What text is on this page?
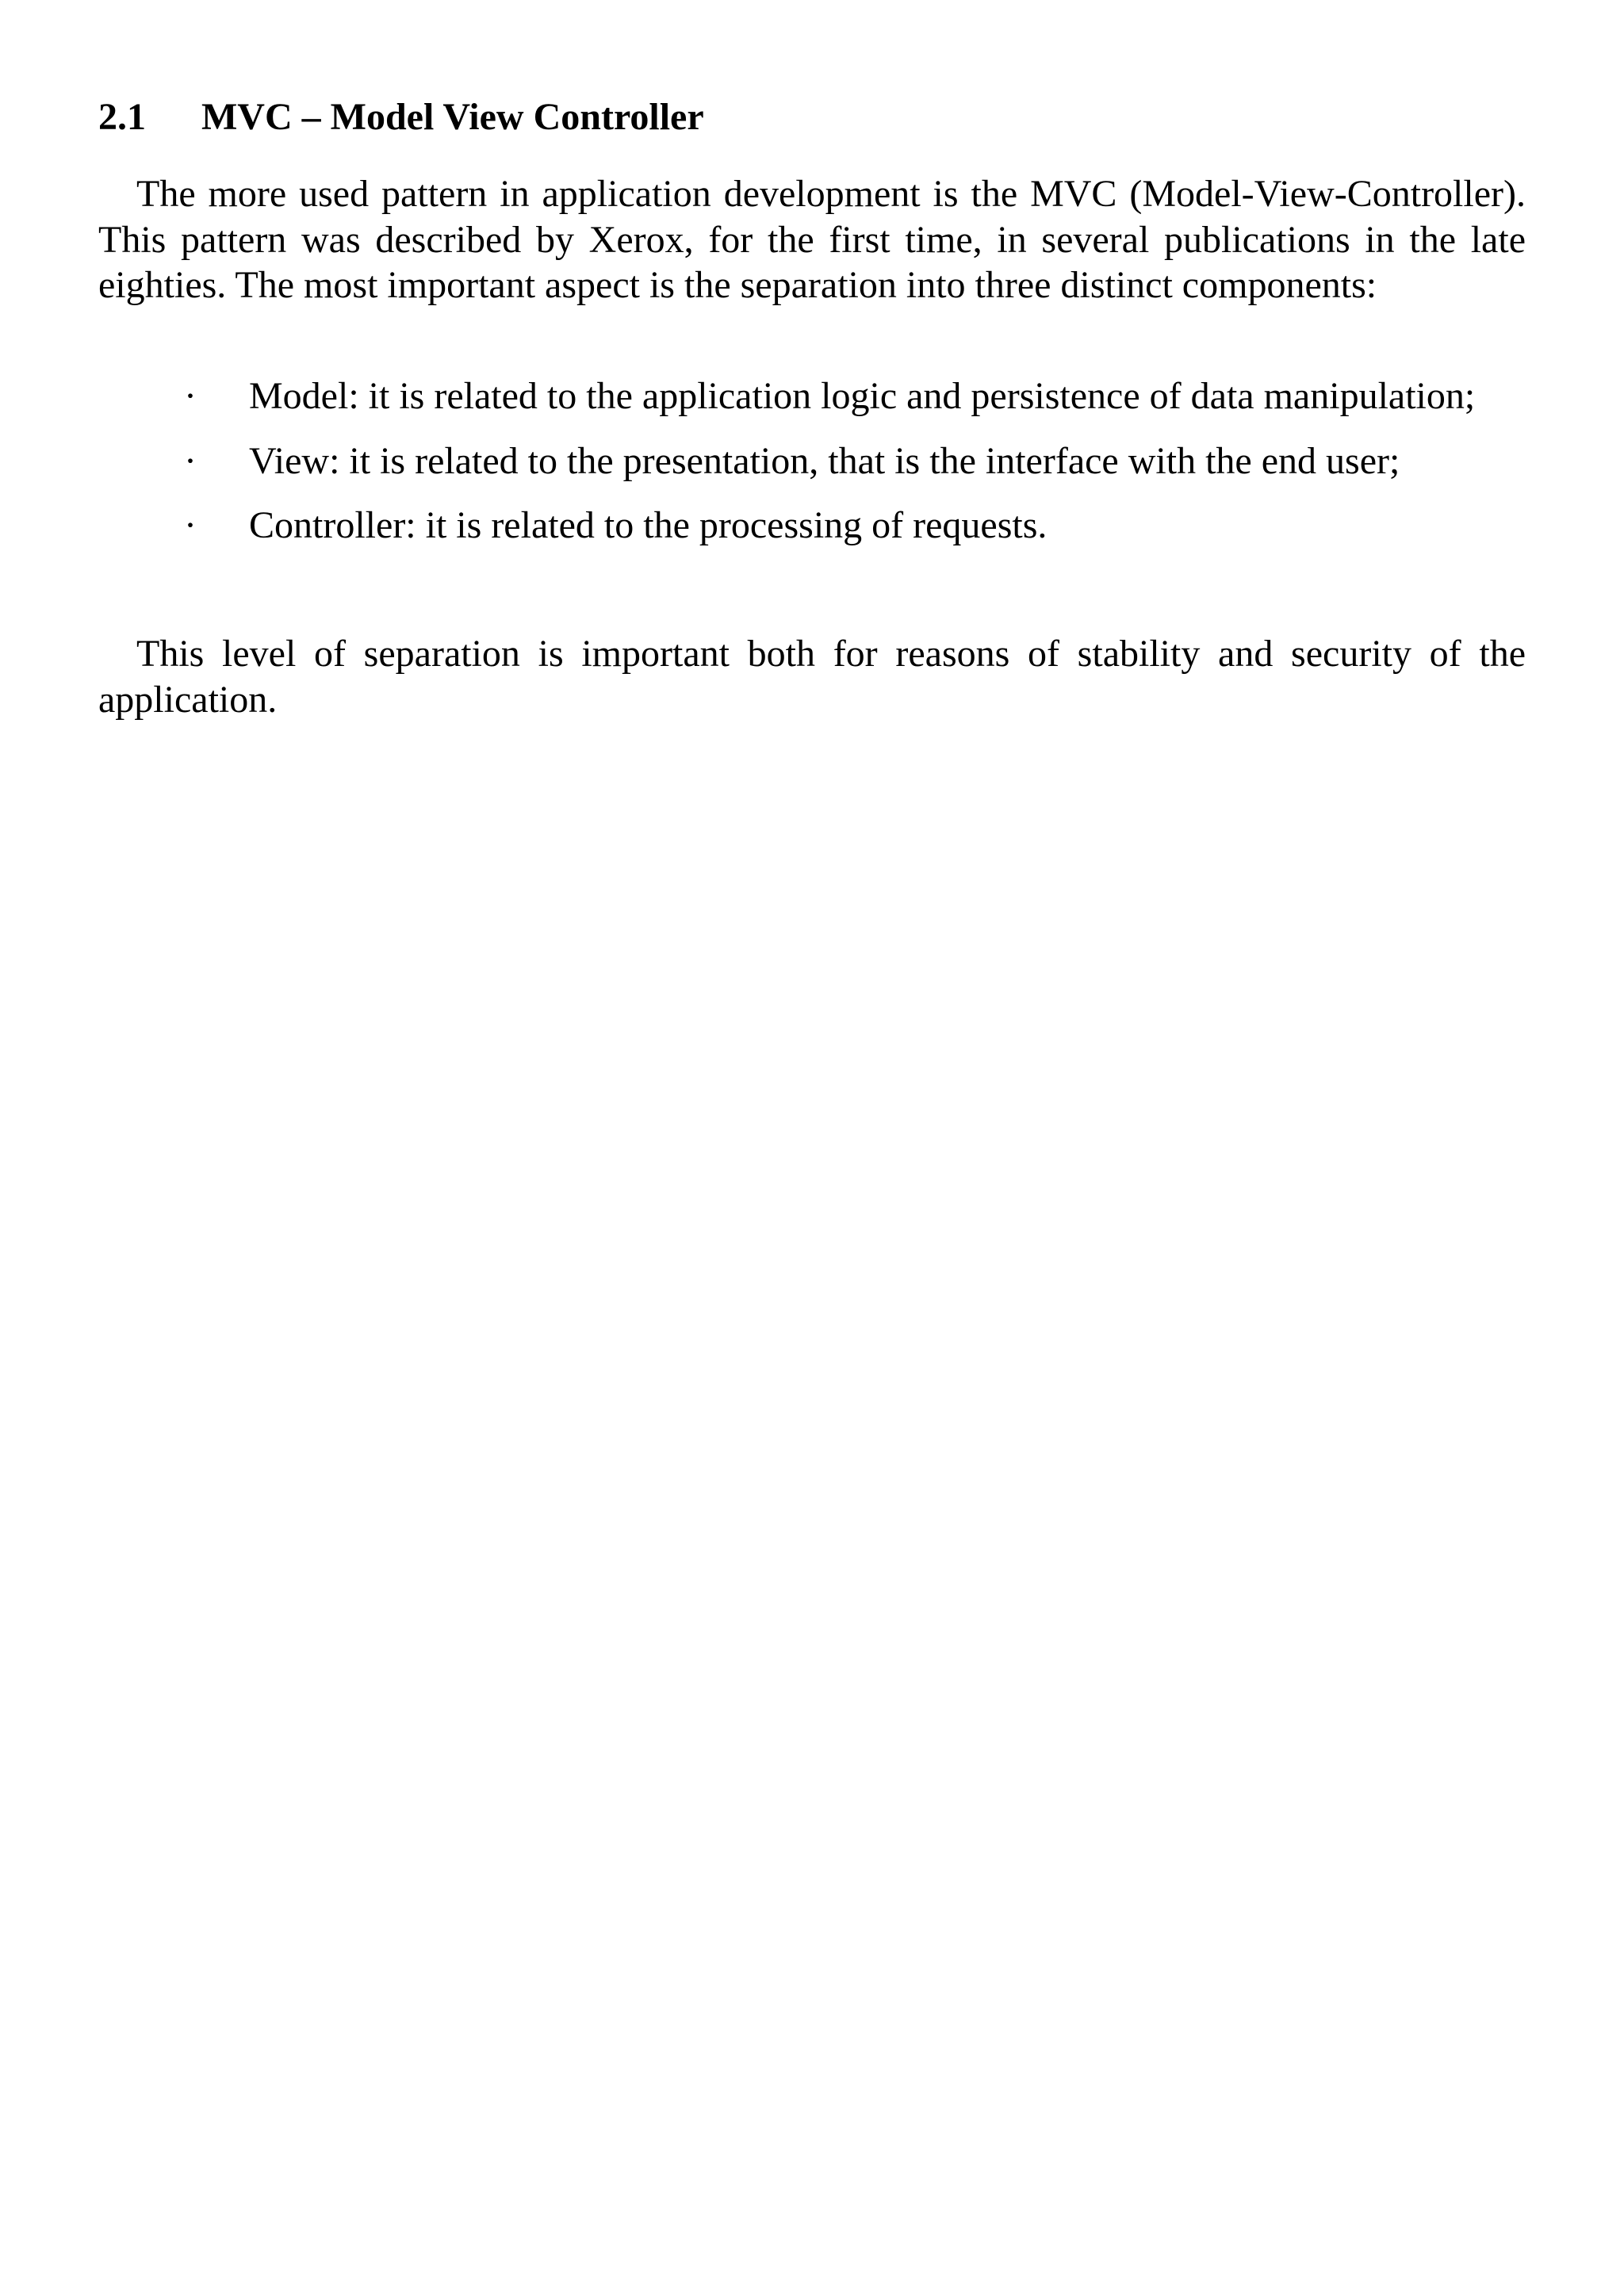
2.1 MVC – Model View Controller

The more used pattern in application development is the MVC (Model-View-Controller). This pattern was described by Xerox, for the first time, in several publications in the late eighties. The most important aspect is the separation into three distinct components:

· Model: it is related to the application logic and persistence of data manipulation;
· View: it is related to the presentation, that is the interface with the end user;
· Controller: it is related to the processing of requests.

This level of separation is important both for reasons of stability and security of the application.
